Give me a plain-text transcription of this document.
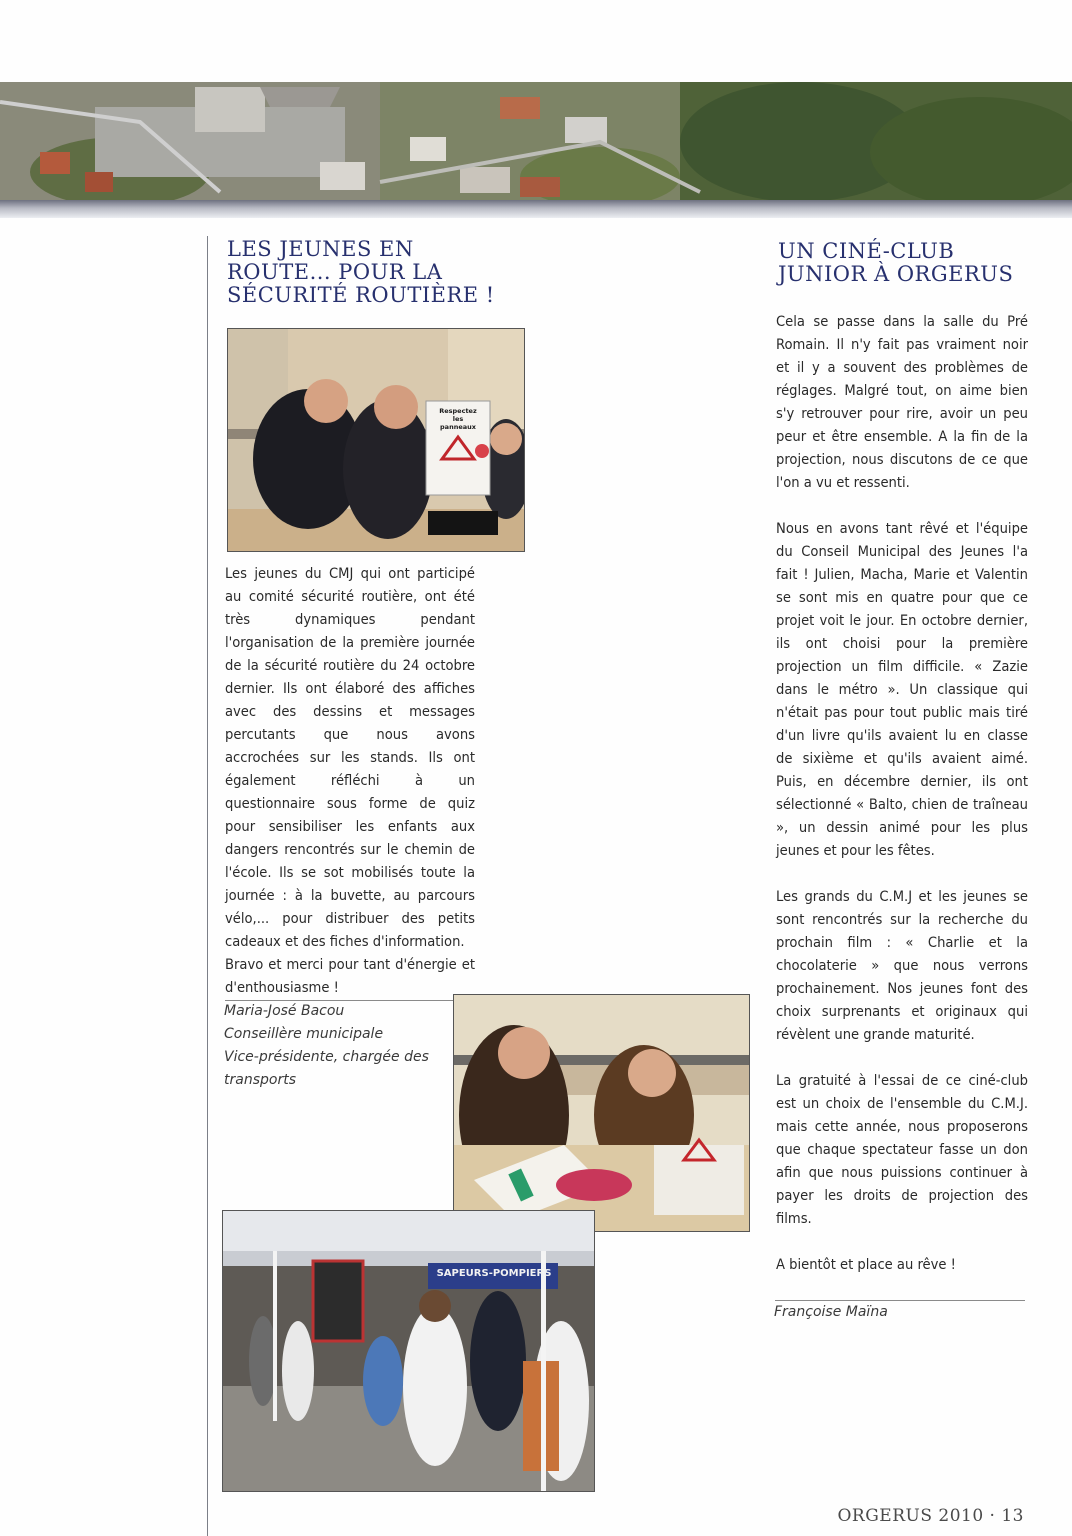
LES JEUNES EN
ROUTE... POUR LA
SÉCURITÉ ROUTIÈRE !
Respectez
les
panneaux

Les jeunes du CMJ qui ont participé au comité sécurité routière, ont été très dynamiques pendant l'organisation de la première journée de la sécurité routière du 24 octobre dernier. Ils ont élaboré des affiches avec des dessins et messages percutants que nous avons accrochées sur les stands. Ils ont également réfléchi à un questionnaire sous forme de quiz pour sensibiliser les enfants aux dangers rencontrés sur le chemin de l'école. Ils se sot mobilisés toute la journée : à la buvette, au parcours vélo,... pour distribuer des petits cadeaux et des fiches d'information.

Bravo et merci pour tant d'énergie et d'enthousiasme !

Maria-José Bacou
Conseillère municipale
Vice-présidente, chargée des
transports
SAPEURS-POMPIERS
UN CINÉ-CLUB
JUNIOR À ORGERUS

Cela se passe dans la salle du Pré Romain. Il n'y fait pas vraiment noir et il y a souvent des problèmes de réglages. Malgré tout, on aime bien s'y retrouver pour rire, avoir un peu peur et être ensemble. A la fin de la projection, nous discutons de ce que l'on a vu et ressenti.

Nous en avons tant rêvé et l'équipe du Conseil Municipal des Jeunes l'a fait ! Julien, Macha, Marie et Valentin se sont mis en quatre pour que ce projet voit le jour. En octobre dernier, ils ont choisi pour la première projection un film difficile. « Zazie dans le métro ». Un classique qui n'était pas pour tout public mais tiré d'un livre qu'ils avaient lu en classe de sixième et qu'ils avaient aimé. Puis, en décembre dernier, ils ont sélectionné « Balto, chien de traîneau », un dessin animé pour les plus jeunes et pour les fêtes.

Les grands du C.M.J et les jeunes se sont rencontrés sur la recherche du prochain film : « Charlie et la chocolaterie » que nous verrons prochainement. Nos jeunes font des choix surprenants et originaux qui révèlent une grande maturité.

La gratuité à l'essai de ce ciné-club est un choix de l'ensemble du C.M.J. mais cette année, nous proposerons que chaque spectateur fasse un don afin que nous puissions continuer à payer les droits de projection des films.

A bientôt et place au rêve !

Françoise Maïna
ORGERUS 2010 · 13
